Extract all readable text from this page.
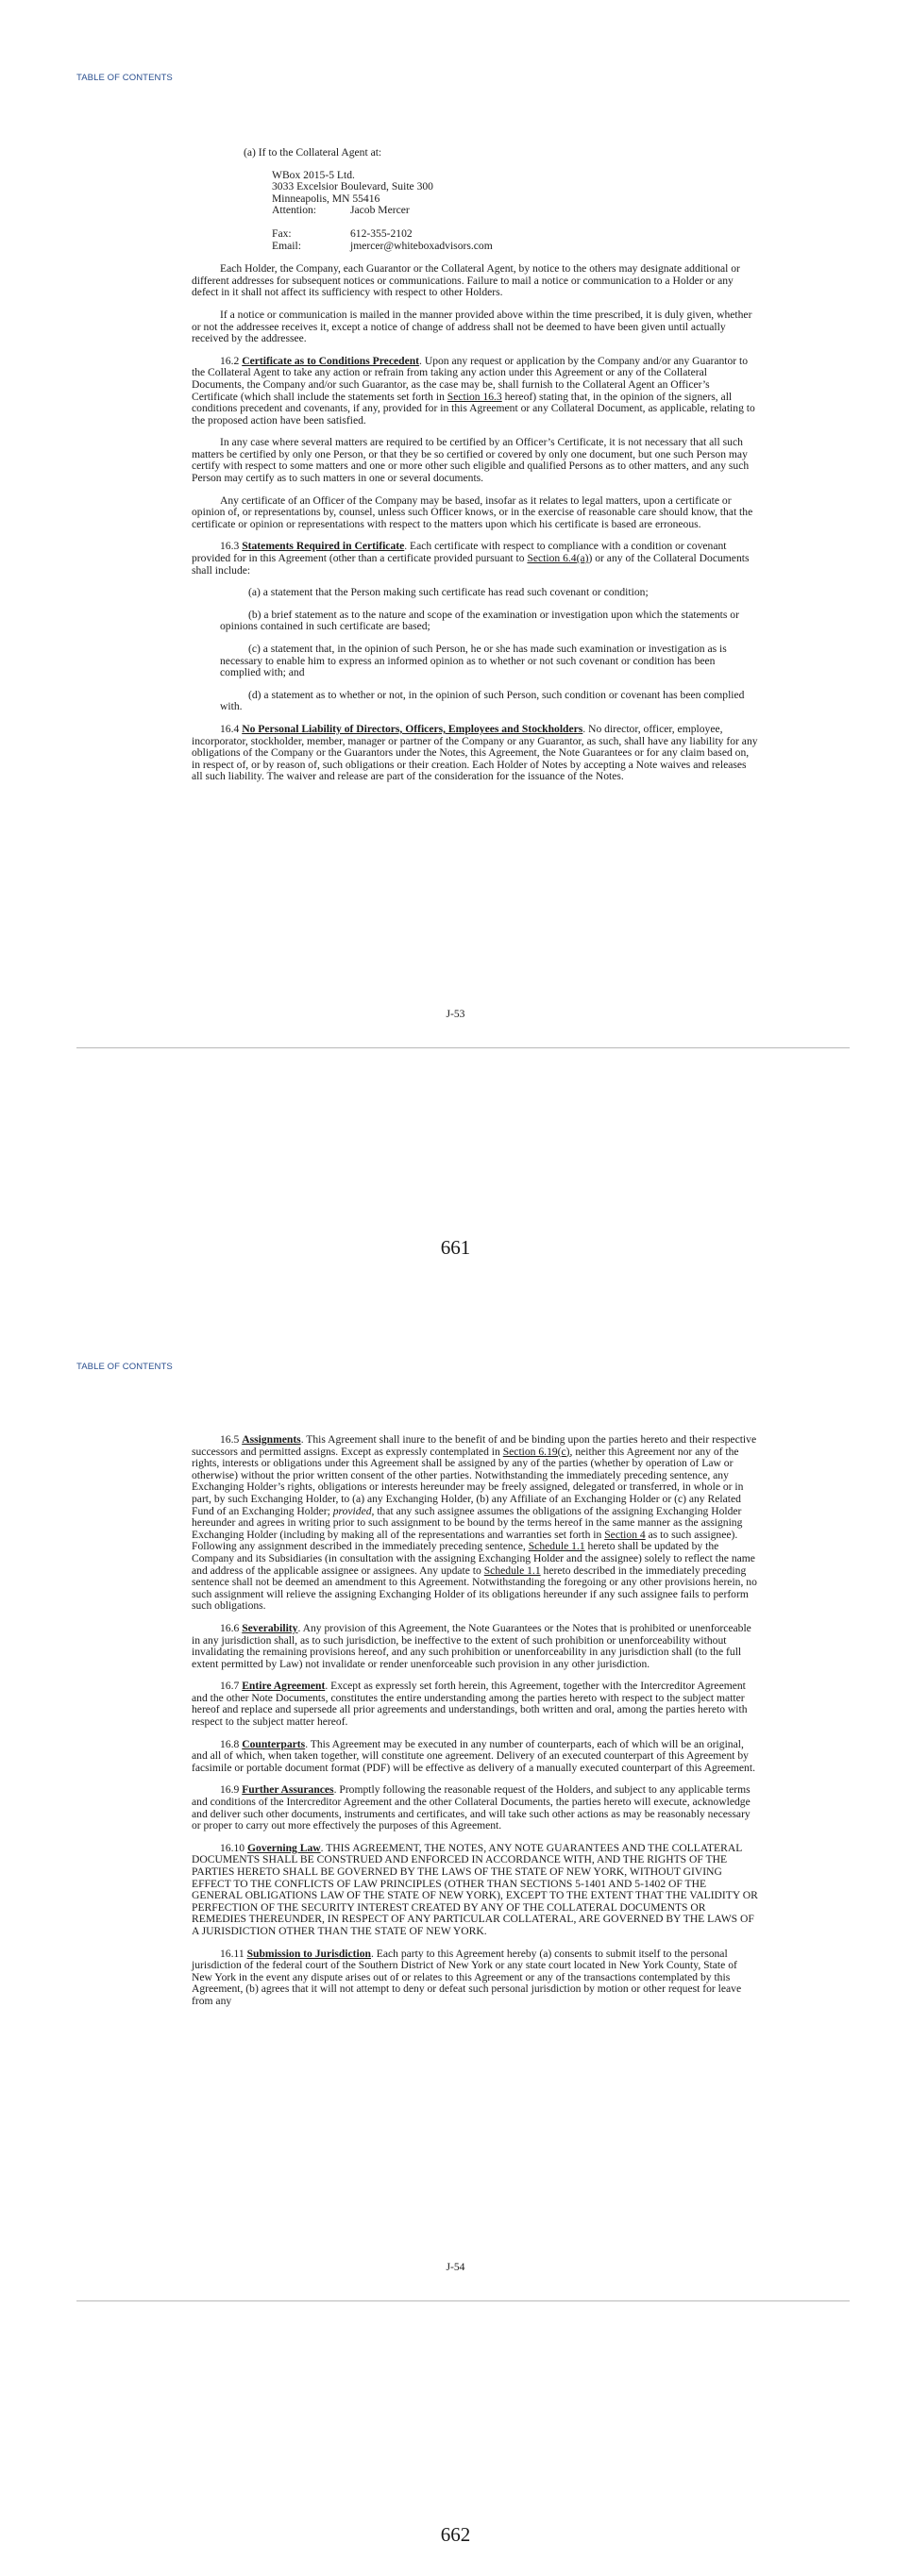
TABLE OF CONTENTS
(a) If to the Collateral Agent at:
WBox 2015-5 Ltd.
3033 Excelsior Boulevard, Suite 300
Minneapolis, MN 55416
Attention:	Jacob Mercer
Fax:	612-355-2102
Email:	jmercer@whiteboxadvisors.com

Each Holder, the Company, each Guarantor or the Collateral Agent, by notice to the others may designate additional or different addresses for subsequent notices or communications. Failure to mail a notice or communication to a Holder or any defect in it shall not affect its sufficiency with respect to other Holders.

If a notice or communication is mailed in the manner provided above within the time prescribed, it is duly given, whether or not the addressee receives it, except a notice of change of address shall not be deemed to have been given until actually received by the addressee.

16.2 Certificate as to Conditions Precedent. Upon any request or application by the Company and/or any Guarantor to the Collateral Agent to take any action or refrain from taking any action under this Agreement or any of the Collateral Documents, the Company and/or such Guarantor, as the case may be, shall furnish to the Collateral Agent an Officer’s Certificate (which shall include the statements set forth in Section 16.3 hereof) stating that, in the opinion of the signers, all conditions precedent and covenants, if any, provided for in this Agreement or any Collateral Document, as applicable, relating to the proposed action have been satisfied.

In any case where several matters are required to be certified by an Officer’s Certificate, it is not necessary that all such matters be certified by only one Person, or that they be so certified or covered by only one document, but one such Person may certify with respect to some matters and one or more other such eligible and qualified Persons as to other matters, and any such Person may certify as to such matters in one or several documents.

Any certificate of an Officer of the Company may be based, insofar as it relates to legal matters, upon a certificate or opinion of, or representations by, counsel, unless such Officer knows, or in the exercise of reasonable care should know, that the certificate or opinion or representations with respect to the matters upon which his certificate is based are erroneous.

16.3 Statements Required in Certificate. Each certificate with respect to compliance with a condition or covenant provided for in this Agreement (other than a certificate provided pursuant to Section 6.4(a)) or any of the Collateral Documents shall include:

(a) a statement that the Person making such certificate has read such covenant or condition;

(b) a brief statement as to the nature and scope of the examination or investigation upon which the statements or opinions contained in such certificate are based;

(c) a statement that, in the opinion of such Person, he or she has made such examination or investigation as is necessary to enable him to express an informed opinion as to whether or not such covenant or condition has been complied with; and

(d) a statement as to whether or not, in the opinion of such Person, such condition or covenant has been complied with.

16.4 No Personal Liability of Directors, Officers, Employees and Stockholders. No director, officer, employee, incorporator, stockholder, member, manager or partner of the Company or any Guarantor, as such, shall have any liability for any obligations of the Company or the Guarantors under the Notes, this Agreement, the Note Guarantees or for any claim based on, in respect of, or by reason of, such obligations or their creation. Each Holder of Notes by accepting a Note waives and releases all such liability. The waiver and release are part of the consideration for the issuance of the Notes.

J-53
661
TABLE OF CONTENTS

16.5 Assignments. This Agreement shall inure to the benefit of and be binding upon the parties hereto and their respective successors and permitted assigns. Except as expressly contemplated in Section 6.19(c), neither this Agreement nor any of the rights, interests or obligations under this Agreement shall be assigned by any of the parties (whether by operation of Law or otherwise) without the prior written consent of the other parties. Notwithstanding the immediately preceding sentence, any Exchanging Holder’s rights, obligations or interests hereunder may be freely assigned, delegated or transferred, in whole or in part, by such Exchanging Holder, to (a) any Exchanging Holder, (b) any Affiliate of an Exchanging Holder or (c) any Related Fund of an Exchanging Holder; provided, that any such assignee assumes the obligations of the assigning Exchanging Holder hereunder and agrees in writing prior to such assignment to be bound by the terms hereof in the same manner as the assigning Exchanging Holder (including by making all of the representations and warranties set forth in Section 4 as to such assignee). Following any assignment described in the immediately preceding sentence, Schedule 1.1 hereto shall be updated by the Company and its Subsidiaries (in consultation with the assigning Exchanging Holder and the assignee) solely to reflect the name and address of the applicable assignee or assignees. Any update to Schedule 1.1 hereto described in the immediately preceding sentence shall not be deemed an amendment to this Agreement. Notwithstanding the foregoing or any other provisions herein, no such assignment will relieve the assigning Exchanging Holder of its obligations hereunder if any such assignee fails to perform such obligations.

16.6 Severability. Any provision of this Agreement, the Note Guarantees or the Notes that is prohibited or unenforceable in any jurisdiction shall, as to such jurisdiction, be ineffective to the extent of such prohibition or unenforceability without invalidating the remaining provisions hereof, and any such prohibition or unenforceability in any jurisdiction shall (to the full extent permitted by Law) not invalidate or render unenforceable such provision in any other jurisdiction.

16.7 Entire Agreement. Except as expressly set forth herein, this Agreement, together with the Intercreditor Agreement and the other Note Documents, constitutes the entire understanding among the parties hereto with respect to the subject matter hereof and replace and supersede all prior agreements and understandings, both written and oral, among the parties hereto with respect to the subject matter hereof.

16.8 Counterparts. This Agreement may be executed in any number of counterparts, each of which will be an original, and all of which, when taken together, will constitute one agreement. Delivery of an executed counterpart of this Agreement by facsimile or portable document format (PDF) will be effective as delivery of a manually executed counterpart of this Agreement.

16.9 Further Assurances. Promptly following the reasonable request of the Holders, and subject to any applicable terms and conditions of the Intercreditor Agreement and the other Collateral Documents, the parties hereto will execute, acknowledge and deliver such other documents, instruments and certificates, and will take such other actions as may be reasonably necessary or proper to carry out more effectively the purposes of this Agreement.

16.10 Governing Law. THIS AGREEMENT, THE NOTES, ANY NOTE GUARANTEES AND THE COLLATERAL DOCUMENTS SHALL BE CONSTRUED AND ENFORCED IN ACCORDANCE WITH, AND THE RIGHTS OF THE PARTIES HERETO SHALL BE GOVERNED BY THE LAWS OF THE STATE OF NEW YORK, WITHOUT GIVING EFFECT TO THE CONFLICTS OF LAW PRINCIPLES (OTHER THAN SECTIONS 5-1401 AND 5-1402 OF THE GENERAL OBLIGATIONS LAW OF THE STATE OF NEW YORK), EXCEPT TO THE EXTENT THAT THE VALIDITY OR PERFECTION OF THE SECURITY INTEREST CREATED BY ANY OF THE COLLATERAL DOCUMENTS OR REMEDIES THEREUNDER, IN RESPECT OF ANY PARTICULAR COLLATERAL, ARE GOVERNED BY THE LAWS OF A JURISDICTION OTHER THAN THE STATE OF NEW YORK.

16.11 Submission to Jurisdiction. Each party to this Agreement hereby (a) consents to submit itself to the personal jurisdiction of the federal court of the Southern District of New York or any state court located in New York County, State of New York in the event any dispute arises out of or relates to this Agreement or any of the transactions contemplated by this Agreement, (b) agrees that it will not attempt to deny or defeat such personal jurisdiction by motion or other request for leave from any

J-54
662
